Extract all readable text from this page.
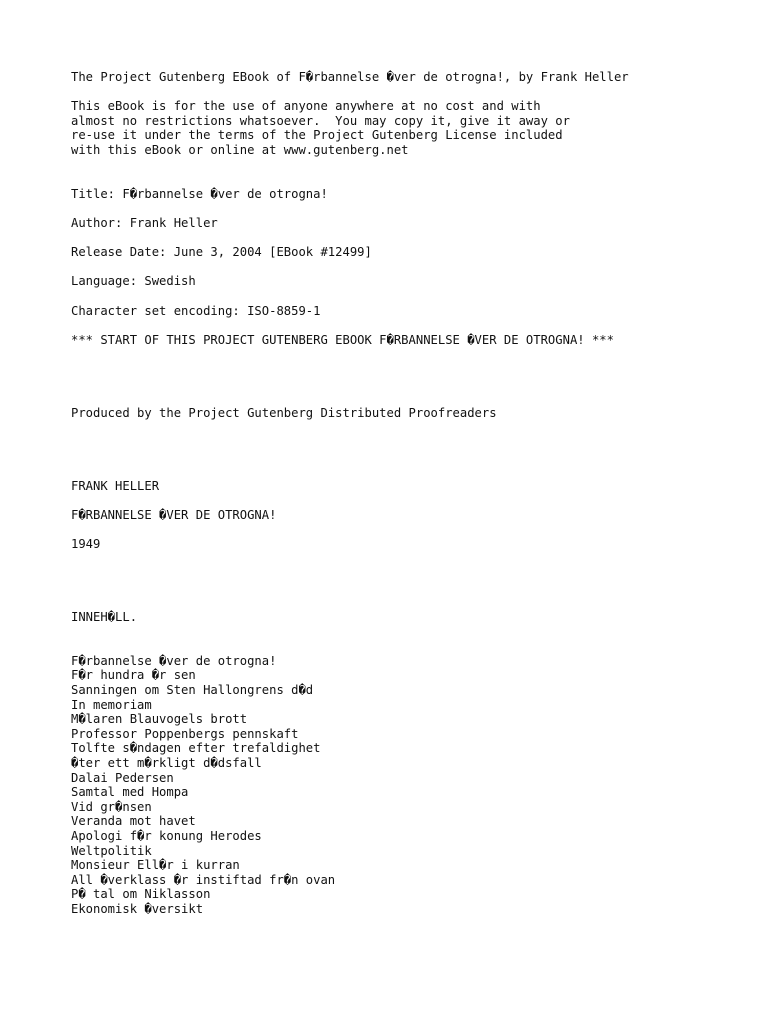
The Project Gutenberg EBook of F�rbannelse �ver de otrogna!, by Frank Heller
This eBook is for the use of anyone anywhere at no cost and with
almost no restrictions whatsoever.  You may copy it, give it away or
re-use it under the terms of the Project Gutenberg License included
with this eBook or online at www.gutenberg.net
Title: F�rbannelse �ver de otrogna!
Author: Frank Heller
Release Date: June 3, 2004 [EBook #12499]
Language: Swedish
Character set encoding: ISO-8859-1
*** START OF THIS PROJECT GUTENBERG EBOOK F�RBANNELSE �VER DE OTROGNA! ***
Produced by the Project Gutenberg Distributed Proofreaders
FRANK HELLER
F�RBANNELSE �VER DE OTROGNA!
1949
INNEH�LL.
F�rbannelse �ver de otrogna!
F�r hundra �r sen
Sanningen om Sten Hallongrens d�d
In memoriam
M�laren Blauvogels brott
Professor Poppenbergs pennskaft
Tolfte s�ndagen efter trefaldighet
�ter ett m�rkligt d�dsfall
Dalai Pedersen
Samtal med Hompa
Vid gr�nsen
Veranda mot havet
Apologi f�r konung Herodes
Weltpolitik
Monsieur Ell�r i kurran
All �verklass �r instiftad fr�n ovan
P� tal om Niklasson
Ekonomisk �versikt
